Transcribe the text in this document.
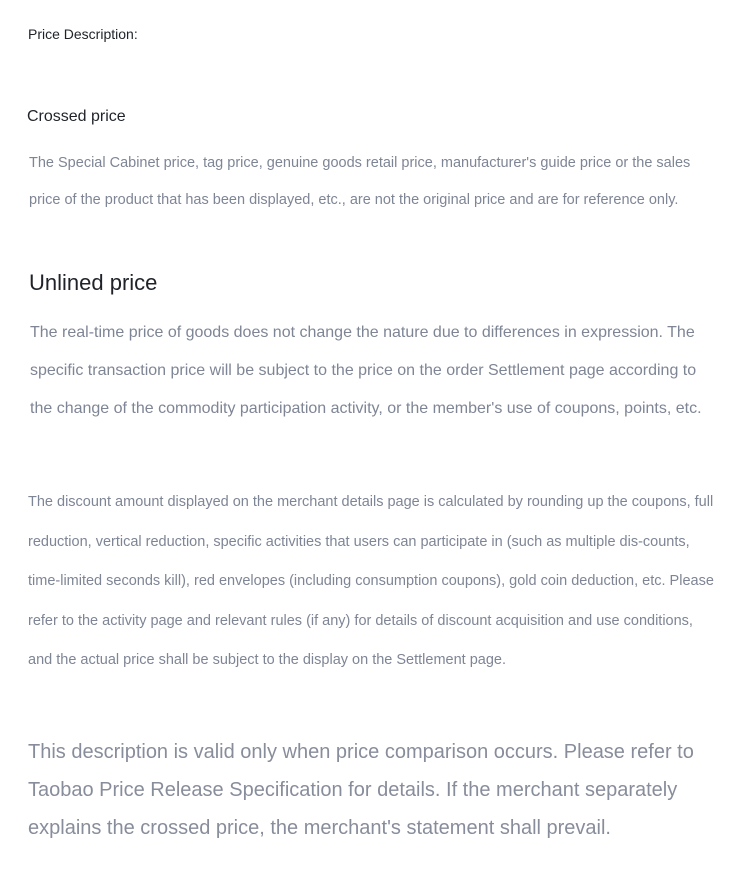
Price Description:
Crossed price

The Special Cabinet price, tag price, genuine goods retail price, manufacturer's guide price or the sales price of the product that has been displayed, etc., are not the original price and are for reference only.

Unlined price

The real-time price of goods does not change the nature due to differences in expression. The specific transaction price will be subject to the price on the order Settlement page according to the change of the commodity participation activity, or the member's use of coupons, points, etc.

The discount amount displayed on the merchant details page is calculated by rounding up the coupons, full reduction, vertical reduction, specific activities that users can participate in (such as multiple dis-counts, time-limited seconds kill), red envelopes (including consumption coupons), gold coin deduction, etc. Please refer to the activity page and relevant rules (if any) for details of discount acquisition and use conditions, and the actual price shall be subject to the display on the Settlement page.

This description is valid only when price comparison occurs. Please refer to Taobao Price Release Specification for details. If the merchant separately explains the crossed price, the merchant's statement shall prevail.
